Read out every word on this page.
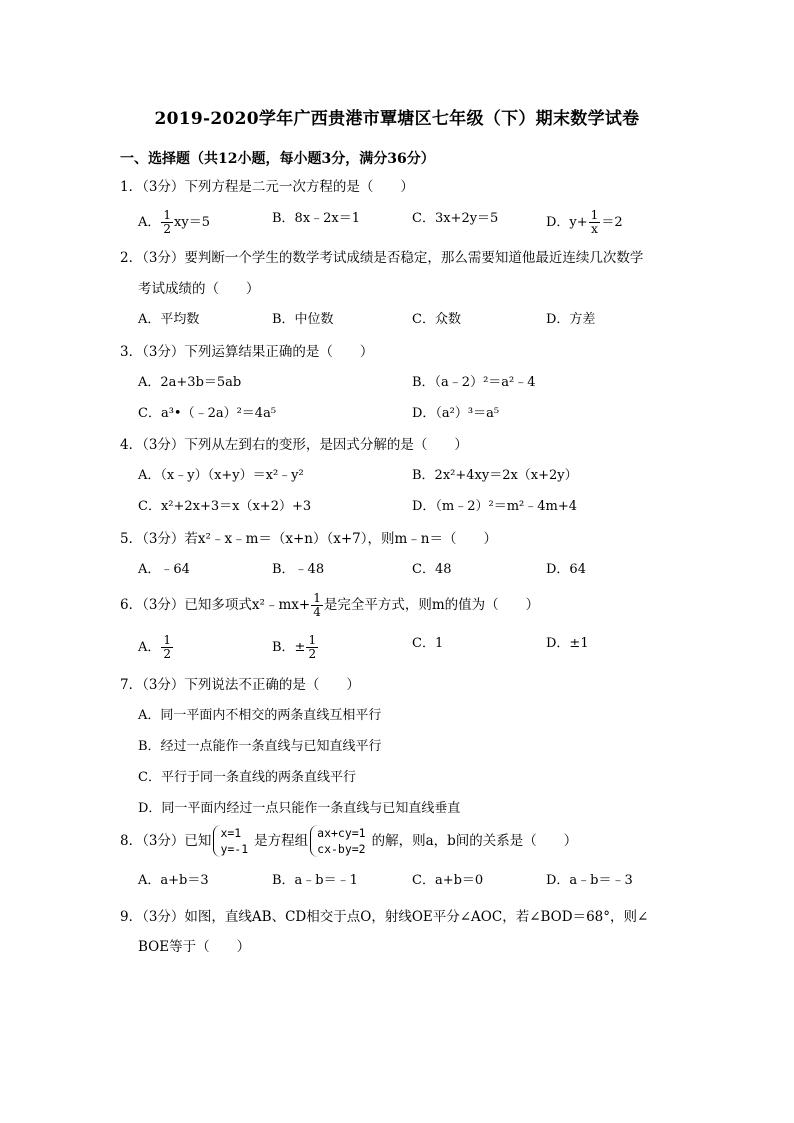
2019-2020学年广西贵港市覃塘区七年级（下）期末数学试卷
一、选择题（共12小题，每小题3分，满分36分）
1．（3分）下列方程是二元一次方程的是（　　）
A． $\frac{1}{2} xy=5$	B．8x﹣2x＝1	C．3x+2y＝5	D．$y+ \frac{1}{x} =2$
2．（3分）要判断一个学生的数学考试成绩是否稳定，那么需要知道他最近连续几次数学
考试成绩的（　　）
A．平均数	B．中位数	C．众数	D．方差
3．（3分）下列运算结果正确的是（　　）
A．2a+3b＝5ab	B．（a﹣2）²＝a²﹣4
C．a³•（﹣2a）²＝4a⁵	D．（a²）³＝a⁵
4．（3分）下列从左到右的变形，是因式分解的是（　　）
A．（x﹣y）（x+y）＝x²﹣y²	B．2x²+4xy＝2x（x+2y）
C．x²+2x+3＝x（x+2）+3	D．（m﹣2）²＝m²﹣4m+4
5．（3分）若x²﹣x﹣m＝（x+n）（x+7），则m﹣n＝（　　）
A．﹣64	B．﹣48	C．48	D．64
6．（3分）已知多项式x²﹣mx+ $\frac{1}{4}$ 是完全平方式，则m的值为（　　）
A． $\frac{1}{2}$	B．± $\frac{1}{2}$	C．1	D．±1
7．（3分）下列说法不正确的是（　　）
A．同一平面内不相交的两条直线互相平行
B．经过一点能作一条直线与已知直线平行
C．平行于同一条直线的两条直线平行
D．同一平面内经过一点只能作一条直线与已知直线垂直
8．（3分）已知 x=1
y=-1 是方程组 ax+cy=1
cx-by=2 的解，则a，b间的关系是（　　）
A．a+b＝3	B．a﹣b＝﹣1	C．a+b＝0	D．a﹣b＝﹣3
9．（3分）如图，直线AB、CD相交于点O，射线OE平分∠AOC，若∠BOD＝68°，则∠
BOE等于（　　）
